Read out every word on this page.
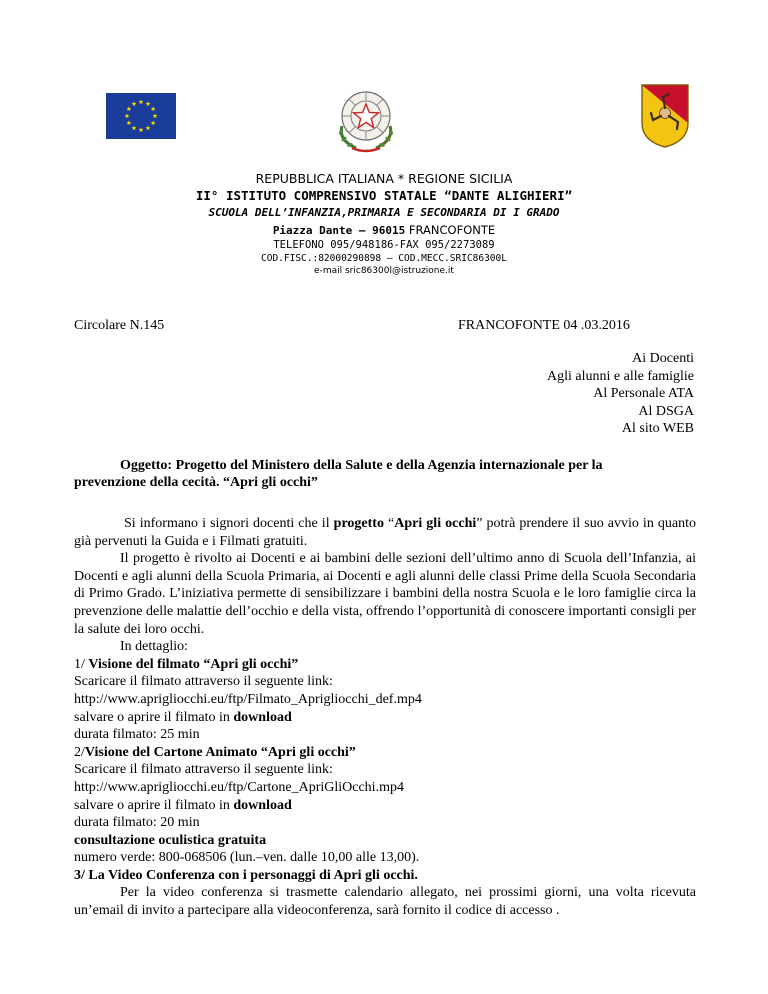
REPUBBLICA ITALIANA * REGIONE SICILIA
II° ISTITUTO COMPRENSIVO STATALE “DANTE ALIGHIERI”
SCUOLA DELL’INFANZIA,PRIMARIA E SECONDARIA DI I GRADO
Piazza Dante – 96015 FRANCOFONTE
TELEFONO 095/948186-FAX 095/2273089
COD.FISC.:82000290898 – COD.MECC.SRIC86300L
e-mail sric86300l@istruzione.it
Circolare N.145	FRANCOFONTE 04 .03.2016
Ai Docenti
Agli alunni e alle famiglie
Al Personale ATA
Al DSGA
Al sito WEB
Oggetto: Progetto del Ministero della Salute e della Agenzia internazionale per la
prevenzione della cecità. “Apri gli occhi”

Si informano i signori docenti che il progetto “Apri gli occhi” potrà prendere il suo avvio in quanto già pervenuti la Guida e i Filmati gratuiti.

Il progetto è rivolto ai Docenti e ai bambini delle sezioni dell’ultimo anno di Scuola dell’Infanzia, ai Docenti e agli alunni della Scuola Primaria, ai Docenti e agli alunni delle classi Prime della Scuola Secondaria di Primo Grado. L’iniziativa permette di sensibilizzare i bambini della nostra Scuola e le loro famiglie circa la prevenzione delle malattie dell’occhio e della vista, offrendo l’opportunità di conoscere importanti consigli per la salute dei loro occhi.

In dettaglio:

1/ Visione del filmato “Apri gli occhi”

Scaricare il filmato attraverso il seguente link:

http://www.aprigliocchi.eu/ftp/Filmato_Aprigliocchi_def.mp4

salvare o aprire il filmato in download

durata filmato: 25 min

2/Visione del Cartone Animato “Apri gli occhi”

Scaricare il filmato attraverso il seguente link:

http://www.aprigliocchi.eu/ftp/Cartone_ApriGliOcchi.mp4

salvare o aprire il filmato in download

durata filmato: 20 min

consultazione oculistica gratuita

numero verde: 800-068506 (lun.–ven. dalle 10,00 alle 13,00).

3/ La Video Conferenza con i personaggi di Apri gli occhi.

Per la video conferenza si trasmette calendario allegato, nei prossimi giorni, una volta ricevuta un’email di invito a partecipare alla videoconferenza, sarà fornito il codice di accesso .
